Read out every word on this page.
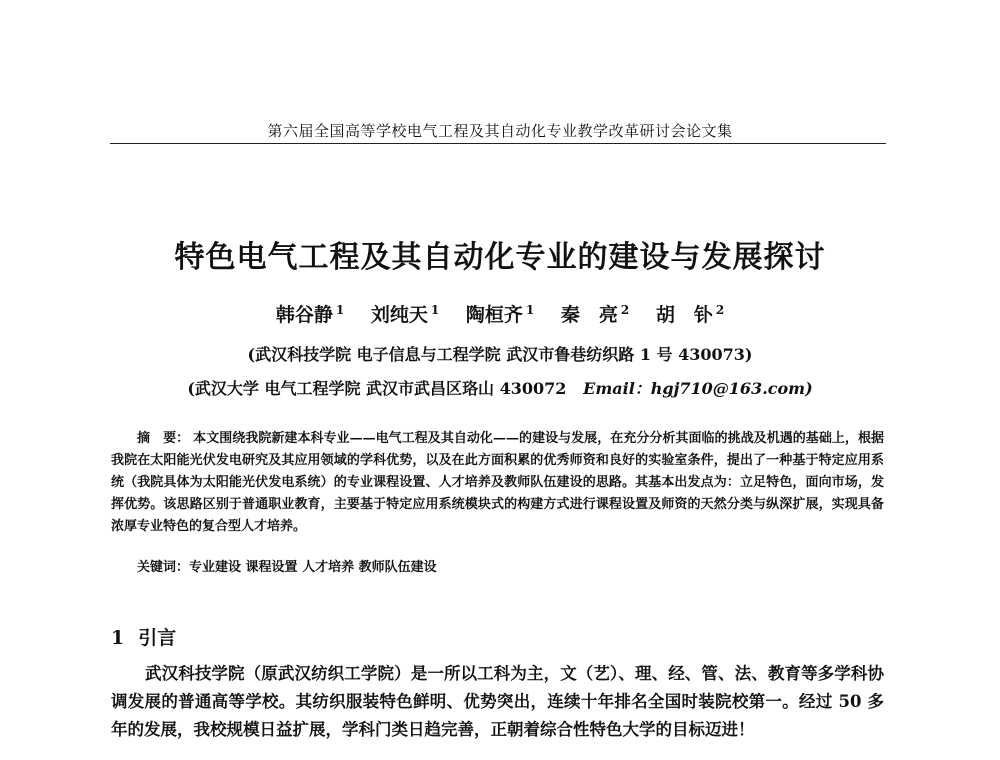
第六届全国高等学校电气工程及其自动化专业教学改革研讨会论文集
特色电气工程及其自动化专业的建设与发展探讨
韩谷静 $^1$ 刘纯天 $^1$ 陶桓齐 $^1$ 秦　亮 $^2$ 胡　钋 $^2$
(武汉科技学院 电子信息与工程学院 武汉市鲁巷纺织路 1 号 430073)
(武汉大学 电气工程学院 武汉市武昌区珞山 430072 Email：hgj710@163.com)
摘　要： 本文围绕我院新建本科专业——电气工程及其自动化——的建设与发展，在充分分析其面临的挑战及机遇的基础上，根据我院在太阳能光伏发电研究及其应用领域的学科优势，以及在此方面积累的优秀师资和良好的实验室条件，提出了一种基于特定应用系统（我院具体为太阳能光伏发电系统）的专业课程设置、人才培养及教师队伍建设的思路。其基本出发点为：立足特色，面向市场，发挥优势。该思路区别于普通职业教育，主要基于特定应用系统模块式的构建方式进行课程设置及师资的天然分类与纵深扩展，实现具备浓厚专业特色的复合型人才培养。
关键词：专业建设 课程设置 人才培养 教师队伍建设
1 引言
武汉科技学院（原武汉纺织工学院）是一所以工科为主，文（艺）、理、经、管、法、教育等多学科协调发展的普通高等学校。其纺织服装特色鲜明、优势突出，连续十年排名全国时装院校第一。经过 50 多年的发展，我校规模日益扩展，学科门类日趋完善，正朝着综合性特色大学的目标迈进！
